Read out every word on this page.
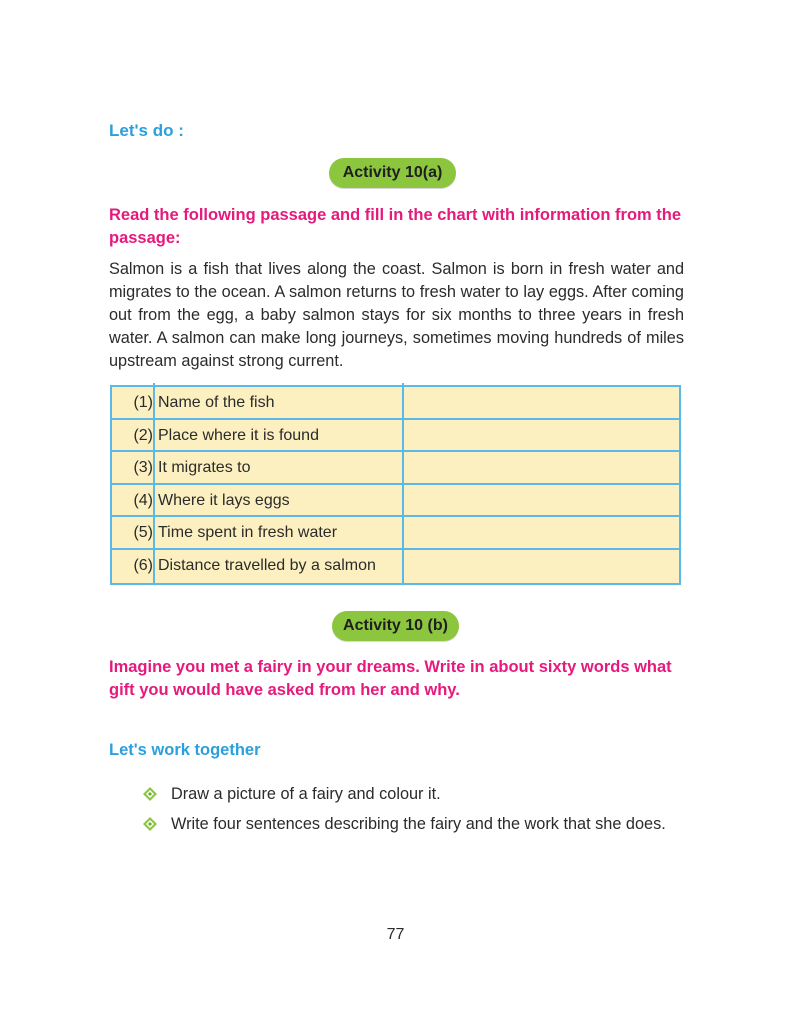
Let's do :
Activity 10(a)
Read the following passage and fill in the chart with information from the passage:
Salmon is a fish that lives along the coast. Salmon is born in fresh water and migrates to the ocean. A salmon returns to fresh water to lay eggs. After coming out from the egg, a baby salmon stays for six months to three years in fresh water. A salmon can make long journeys, sometimes moving hundreds of miles upstream against strong current.
(1) Name of the fish
(2) Place where it is found
(3) It migrates to
(4) Where it lays eggs
(5) Time spent in fresh water
(6) Distance travelled by a salmon
Activity 10 (b)
Imagine you met a fairy in your dreams. Write in about sixty words what gift you would have asked from her and why.
Let's work together
Draw a picture of a fairy and colour it.
Write four sentences describing the fairy and the work that she does.
77
